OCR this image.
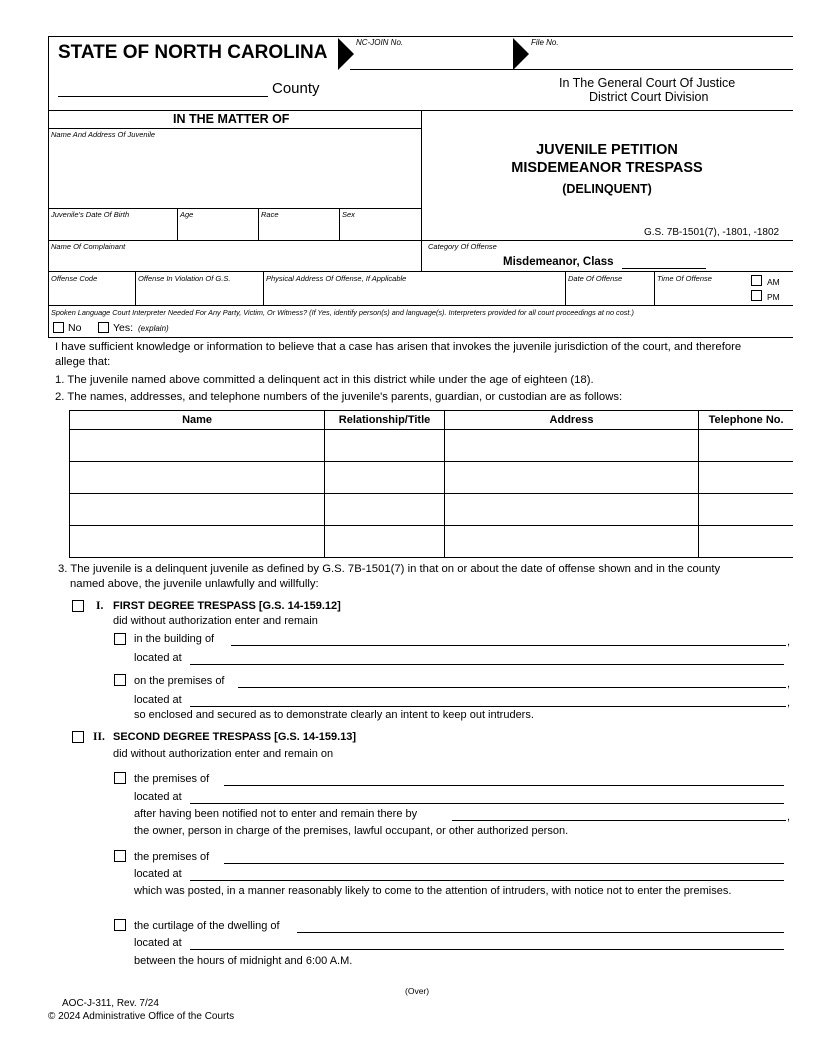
STATE OF NORTH CAROLINA	NC-JOIN No.	File No.
County	In The General Court Of Justice
District Court Division
IN THE MATTER OF
Name And Address Of Juvenile
Juvenile's Date Of Birth	Age	Race	Sex
Name Of Complainant
JUVENILE PETITION
MISDEMEANOR TRESPASS
(DELINQUENT)
G.S. 7B-1501(7), -1801, -1802
Category Of Offense
Misdemeanor, Class
Offense Code	Offense In Violation Of G.S.	Physical Address Of Offense, If Applicable	Date Of Offense	Time Of Offense	AM
PM
Spoken Language Court Interpreter Needed For Any Party, Victim, Or Witness? (If Yes, identify person(s) and language(s). Interpreters provided for all court proceedings at no cost.)
No	Yes: (explain)
I have sufficient knowledge or information to believe that a case has arisen that invokes the juvenile jurisdiction of the court, and therefore
allege that:
1. The juvenile named above committed a delinquent act in this district while under the age of eighteen (18).
2. The names, addresses, and telephone numbers of the juvenile's parents, guardian, or custodian are as follows:
Name	Relationship/Title	Address	Telephone No.

3. The juvenile is a delinquent juvenile as defined by G.S. 7B-1501(7) in that on or about the date of offense shown and in the county
named above, the juvenile unlawfully and willfully:
I. FIRST DEGREE TRESPASS [G.S. 14-159.12]
did without authorization enter and remain
in the building of	,
located at
on the premises of	,
located at	,
so enclosed and secured as to demonstrate clearly an intent to keep out intruders.
II. SECOND DEGREE TRESPASS [G.S. 14-159.13]
did without authorization enter and remain on
the premises of
located at
after having been notified not to enter and remain there by	,
the owner, person in charge of the premises, lawful occupant, or other authorized person.
the premises of
located at
which was posted, in a manner reasonably likely to come to the attention of intruders, with notice not to enter the premises.
the curtilage of the dwelling of
located at
between the hours of midnight and 6:00 A.M.
(Over)
AOC-J-311, Rev. 7/24
© 2024 Administrative Office of the Courts
